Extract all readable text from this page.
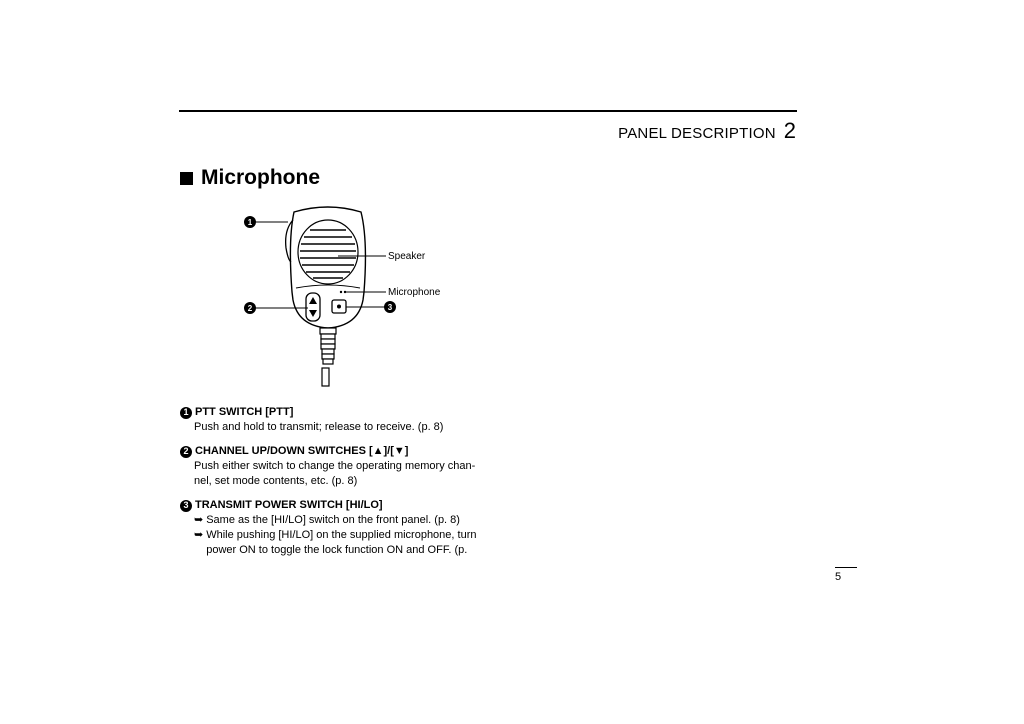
PANEL DESCRIPTION 2
Microphone
1
2	3
Speaker
Microphone
1 PTT SWITCH [PTT]
Push and hold to transmit; release to receive. (p. 8)
2 CHANNEL UP/DOWN SWITCHES [▲]/[▼]
Push either switch to change the operating memory chan-nel, set mode contents, etc. (p. 8)
3 TRANSMIT POWER SWITCH [HI/LO]
➥ Same as the [HI/LO] switch on the front panel. (p. 8)
➥ While pushing [HI/LO] on the supplied microphone, turn power ON to toggle the lock function ON and OFF. (p.
5
